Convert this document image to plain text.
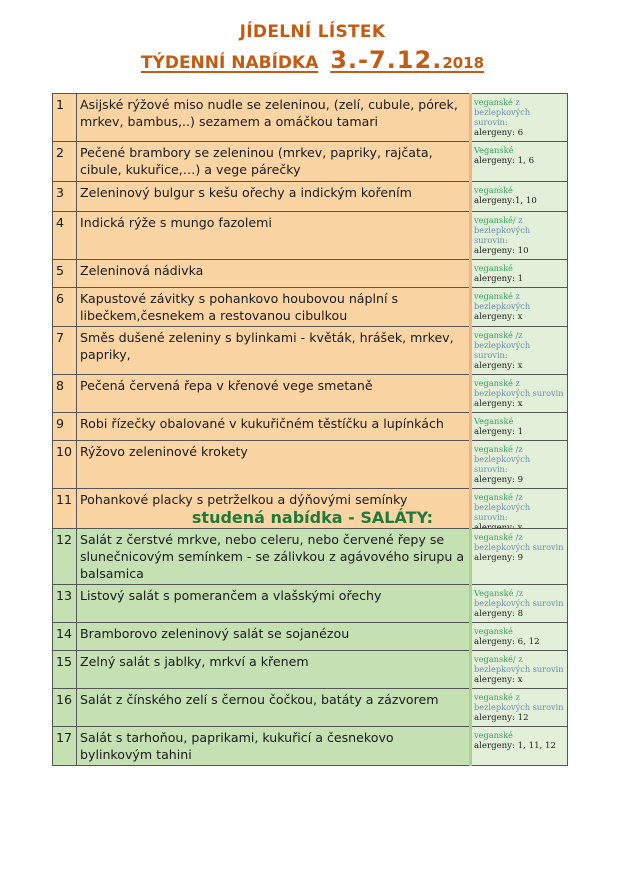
JÍDELNÍ LÍSTEK
TÝDENNÍ NABÍDKA 3.-7.12.2018
1	Asijské rýžové miso nudle se zeleninou, (zelí, cubule, pórek, mrkev, bambus,..) sezamem a omáčkou tamari	veganské z bezlepkových surovin:
alergeny: 6
2	Pečené brambory se zeleninou (mrkev, papriky, rajčata, cibule, kukuřice,…) a vege párečky	Veganské
alergeny: 1, 6
3	Zeleninový bulgur s kešu ořechy a indickým kořením	veganské
alergeny:1, 10
4	Indická rýže s mungo fazolemi	veganské/ z bezlepkových surovin:
alergeny: 10
5	Zeleninová nádivka	veganské
alergeny: 1
6	Kapustové závitky s pohankovo houbovou náplní s libečkem,česnekem a restovanou cibulkou	veganské z bezlepkových
alergeny: x
7	Směs dušené zeleniny s bylinkami - květák, hrášek, mrkev, papriky,	veganské /z bezlepkových surovin:
alergeny: x
8	Pečená červená řepa v křenové vege smetaně	veganské z bezlepkových surovin
alergeny: x
9	Robi řízečky obalované v kukuřičném těstíčku a lupínkách	Veganské
alergeny: 1
10	Rýžovo zeleninové krokety	veganské /z bezlepkových surovin:
alergeny: 9
11	Pohankové placky s petrželkou a dýňovými semínky	veganské /z bezlepkových surovin:

studená nabídka - SALÁTY:
12	Salát z čerstvé mrkve, nebo celeru, nebo červené řepy se slunečnicovým semínkem - se zálivkou z agávového sirupu a balsamica	veganské /z bezlepkových surovin
alergeny: 9
13	Listový salát s pomerančem a vlašskými ořechy	Veganské /z bezlepkových surovin
alergeny: 8
14	Bramborovo zeleninový salát se sojanézou	veganské
alergeny: 6, 12
15	Zelný salát s jablky, mrkví a křenem	veganské/ z bezlepkových surovin
alergeny: x
16	Salát z čínského zelí s černou čočkou, batáty a zázvorem	veganské z bezlepkových surovin
alergeny: 12
17	Salát s tarhoňou, paprikami, kukuřicí a česnekovo bylinkovým tahini	veganské
alergeny: 1, 11, 12
